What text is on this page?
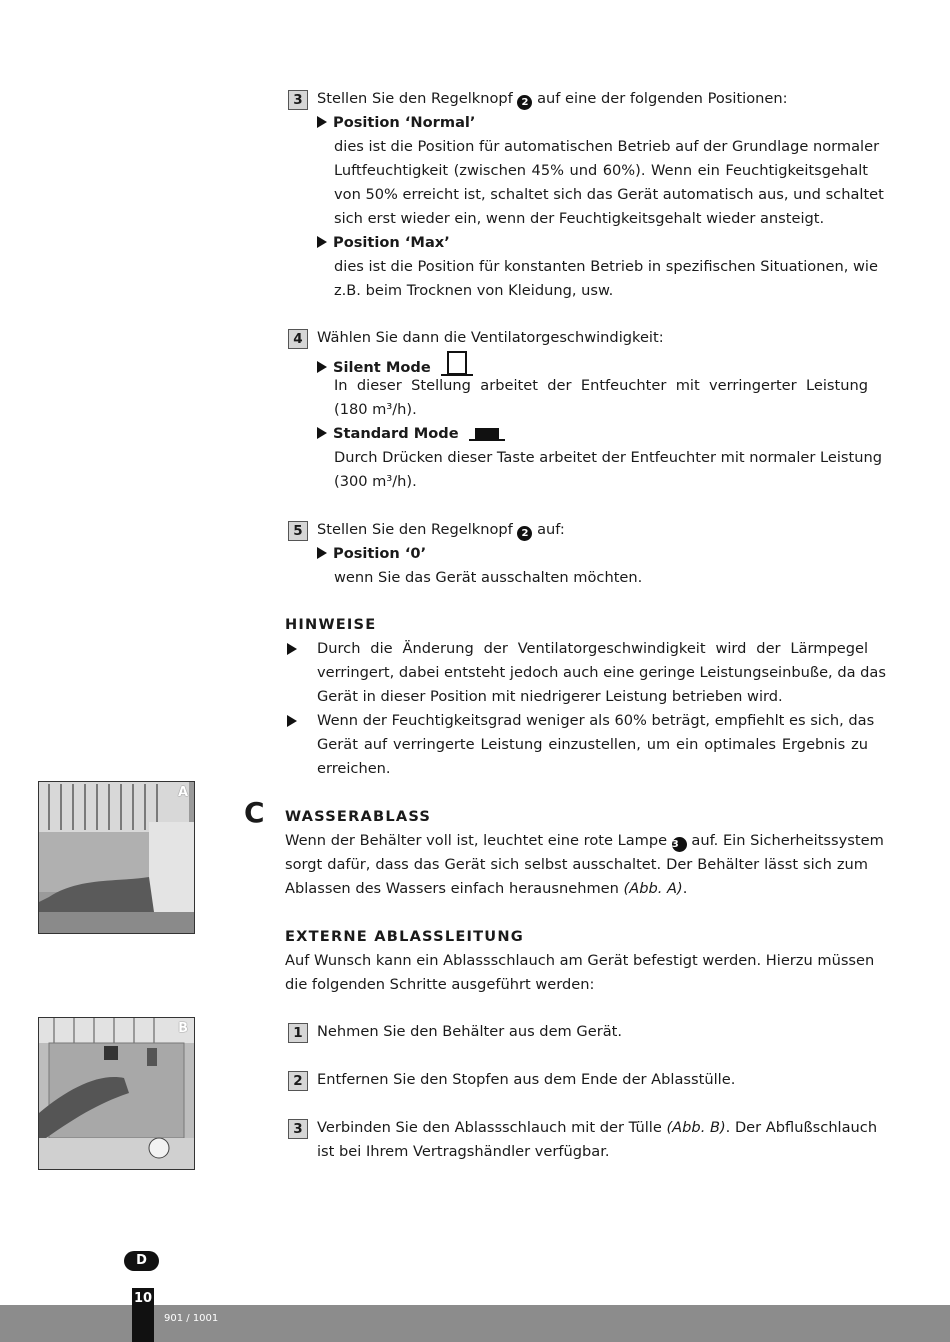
3 Stellen Sie den Regelknopf 2 auf eine der folgenden Positionen:
Position ‘Normal’
dies ist die Position für automatischen Betrieb auf der Grundlage normaler
Luftfeuchtigkeit (zwischen 45% und 60%). Wenn ein Feuchtigkeitsgehalt
von 50% erreicht ist, schaltet sich das Gerät automatisch aus, und schaltet
sich erst wieder ein, wenn der Feuchtigkeitsgehalt wieder ansteigt.
Position ‘Max’
dies ist die Position für konstanten Betrieb in spezifischen Situationen, wie
z.B. beim Trocknen von Kleidung, usw.
4 Wählen Sie dann die Ventilatorgeschwindigkeit:
Silent Mode
In dieser Stellung arbeitet der Entfeuchter mit verringerter Leistung
(180 m³/h).
Standard Mode
Durch Drücken dieser Taste arbeitet der Entfeuchter mit normaler Leistung
(300 m³/h).
5 Stellen Sie den Regelknopf 2 auf:
Position ‘0’
wenn Sie das Gerät ausschalten möchten.
HINWEISE
Durch die Änderung der Ventilatorgeschwindigkeit wird der Lärmpegel
verringert, dabei entsteht jedoch auch eine geringe Leistungseinbuße, da das
Gerät in dieser Position mit niedrigerer Leistung betrieben wird.
Wenn der Feuchtigkeitsgrad weniger als 60% beträgt, empfiehlt es sich, das
Gerät auf verringerte Leistung einzustellen, um ein optimales Ergebnis zu
erreichen.
C WASSERABLASS
Wenn der Behälter voll ist, leuchtet eine rote Lampe 3 auf. Ein Sicherheitssystem
sorgt dafür, dass das Gerät sich selbst ausschaltet. Der Behälter lässt sich zum
Ablassen des Wassers einfach herausnehmen (Abb. A).
EXTERNE ABLASSLEITUNG
Auf Wunsch kann ein Ablassschlauch am Gerät befestigt werden. Hierzu müssen
die folgenden Schritte ausgeführt werden:
1 Nehmen Sie den Behälter aus dem Gerät.
2 Entfernen Sie den Stopfen aus dem Ende der Ablasstülle.
3 Verbinden Sie den Ablassschlauch mit der Tülle (Abb. B). Der Abflußschlauch
ist bei Ihrem Vertragshändler verfügbar.
A
B
D
10
901 / 1001
